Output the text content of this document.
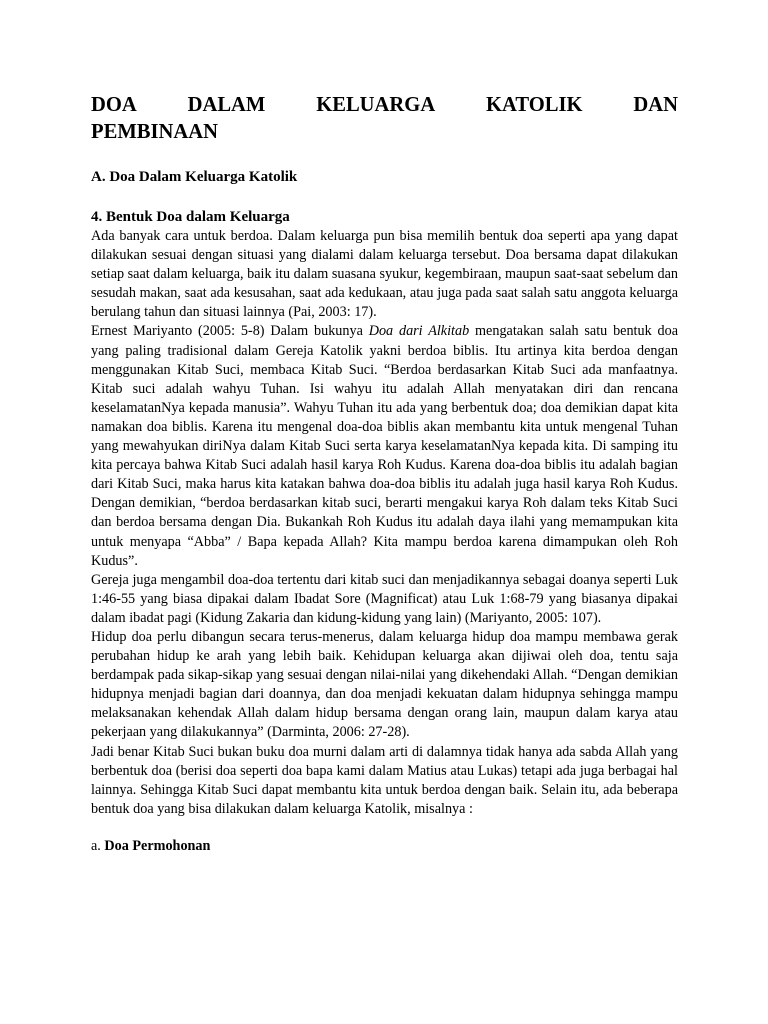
DOA DALAM KELUARGA KATOLIK DAN
PEMBINAAN
A. Doa Dalam Keluarga Katolik
4. Bentuk Doa dalam Keluarga

Ada banyak cara untuk berdoa. Dalam keluarga pun bisa memilih bentuk doa seperti apa yang dapat dilakukan sesuai dengan situasi yang dialami dalam keluarga tersebut. Doa bersama dapat dilakukan setiap saat dalam keluarga, baik itu dalam suasana syukur, kegembiraan, maupun saat-saat sebelum dan sesudah makan, saat ada kesusahan, saat ada kedukaan, atau juga pada saat salah satu anggota keluarga berulang tahun dan situasi lainnya (Pai, 2003: 17).

Ernest Mariyanto (2005: 5-8) Dalam bukunya Doa dari Alkitab mengatakan salah satu bentuk doa yang paling tradisional dalam Gereja Katolik yakni berdoa biblis. Itu artinya kita berdoa dengan menggunakan Kitab Suci, membaca Kitab Suci. “Berdoa berdasarkan Kitab Suci ada manfaatnya. Kitab suci adalah wahyu Tuhan. Isi wahyu itu adalah Allah menyatakan diri dan rencana keselamatanNya kepada manusia”. Wahyu Tuhan itu ada yang berbentuk doa; doa demikian dapat kita namakan doa biblis. Karena itu mengenal doa-doa biblis akan membantu kita untuk mengenal Tuhan yang mewahyukan diriNya dalam Kitab Suci serta karya keselamatanNya kepada kita. Di samping itu kita percaya bahwa Kitab Suci adalah hasil karya Roh Kudus. Karena doa-doa biblis itu adalah bagian dari Kitab Suci, maka harus kita katakan bahwa doa-doa biblis itu adalah juga hasil karya Roh Kudus. Dengan demikian, “berdoa berdasarkan kitab suci, berarti mengakui karya Roh dalam teks Kitab Suci dan berdoa bersama dengan Dia. Bukankah Roh Kudus itu adalah daya ilahi yang memampukan kita untuk menyapa “Abba” / Bapa kepada Allah? Kita mampu berdoa karena dimampukan oleh Roh Kudus”.

Gereja juga mengambil doa-doa tertentu dari kitab suci dan menjadikannya sebagai doanya seperti Luk 1:46-55 yang biasa dipakai dalam Ibadat Sore (Magnificat) atau Luk 1:68-79 yang biasanya dipakai dalam ibadat pagi (Kidung Zakaria dan kidung-kidung yang lain) (Mariyanto, 2005: 107).

Hidup doa perlu dibangun secara terus-menerus, dalam keluarga hidup doa mampu membawa gerak perubahan hidup ke arah yang lebih baik. Kehidupan keluarga akan dijiwai oleh doa, tentu saja berdampak pada sikap-sikap yang sesuai dengan nilai-nilai yang dikehendaki Allah. “Dengan demikian hidupnya menjadi bagian dari doannya, dan doa menjadi kekuatan dalam hidupnya sehingga mampu melaksanakan kehendak Allah dalam hidup bersama dengan orang lain, maupun dalam karya atau pekerjaan yang dilakukannya” (Darminta, 2006: 27-28).

Jadi benar Kitab Suci bukan buku doa murni dalam arti di dalamnya tidak hanya ada sabda Allah yang berbentuk doa (berisi doa seperti doa bapa kami dalam Matius atau Lukas) tetapi ada juga berbagai hal lainnya. Sehingga Kitab Suci dapat membantu kita untuk berdoa dengan baik. Selain itu, ada beberapa bentuk doa yang bisa dilakukan dalam keluarga Katolik, misalnya :

a. Doa Permohonan
